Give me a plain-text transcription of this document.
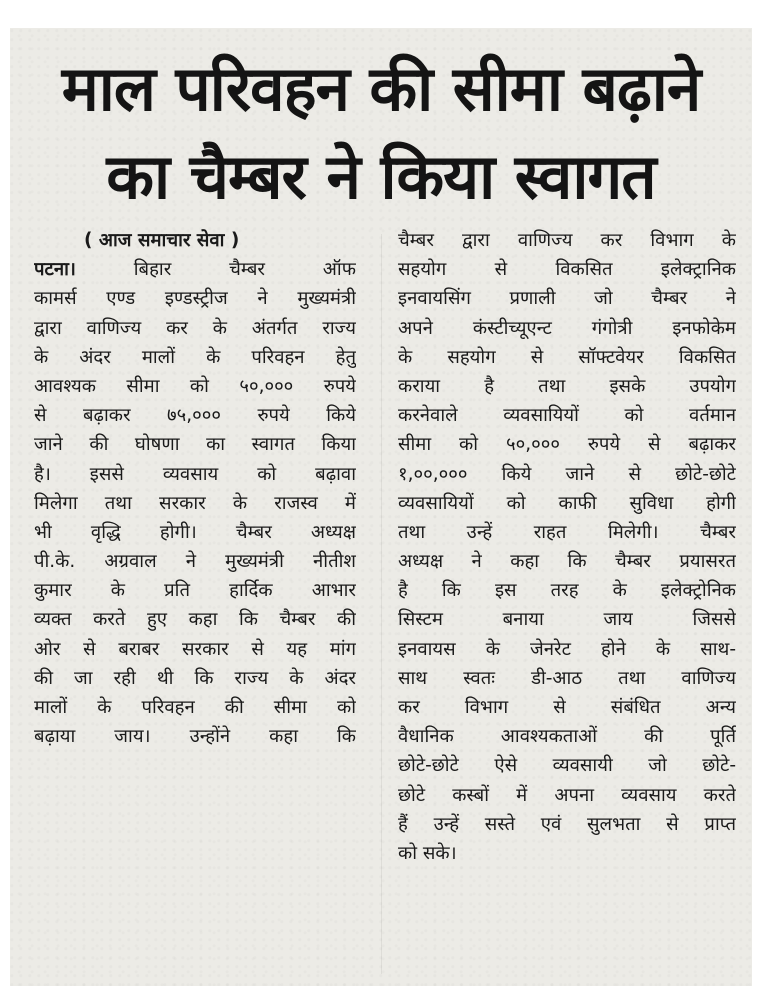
माल परिवहन की सीमा बढ़ाने
का चैम्बर ने किया स्वागत
( आज समाचार सेवा )
पटना।	बिहार चैम्बर ऑफ
कामर्स एण्ड इण्डस्ट्रीज ने मुख्यमंत्री
द्वारा वाणिज्य कर के अंतर्गत राज्य
के अंदर मालों के परिवहन हेतु
आवश्यक सीमा को ५०,००० रुपये
से बढ़ाकर ७५,००० रुपये किये
जाने की घोषणा का स्वागत किया
है। इससे व्यवसाय को बढ़ावा
मिलेगा तथा सरकार के राजस्व में
भी वृद्धि होगी। चैम्बर अध्यक्ष
पी.के. अग्रवाल ने मुख्यमंत्री नीतीश
कुमार के प्रति हार्दिक आभार
व्यक्त करते हुए कहा कि चैम्बर की
ओर से बराबर सरकार से यह मांग
की जा रही थी कि राज्य के अंदर
मालों के परिवहन की सीमा को
बढ़ाया जाय। उन्होंने कहा कि
चैम्बर द्वारा वाणिज्य कर विभाग के
सहयोग से विकसित इलेक्ट्रानिक
इनवायसिंग प्रणाली जो चैम्बर ने
अपने कंस्टीच्यूएन्ट गंगोत्री इनफोकेम
के सहयोग से सॉफ्टवेयर विकसित
कराया है तथा इसके उपयोग
करनेवाले व्यवसायियों को वर्तमान
सीमा को ५०,००० रुपये से बढ़ाकर
१,००,००० किये जाने से छोटे-छोटे
व्यवसायियों को काफी सुविधा होगी
तथा उन्हें राहत मिलेगी। चैम्बर
अध्यक्ष ने कहा कि चैम्बर प्रयासरत
है कि इस तरह के इलेक्ट्रोनिक
सिस्टम बनाया जाय जिससे
इनवायस के जेनरेट होने के साथ-
साथ स्वतः डी-आठ तथा वाणिज्य
कर विभाग से संबंधित अन्य
वैधानिक आवश्यकताओं की पूर्ति
छोटे-छोटे ऐसे व्यवसायी जो छोटे-
छोटे कस्बों में अपना व्यवसाय करते
हैं उन्हें सस्ते एवं सुलभता से प्राप्त
को सके।
